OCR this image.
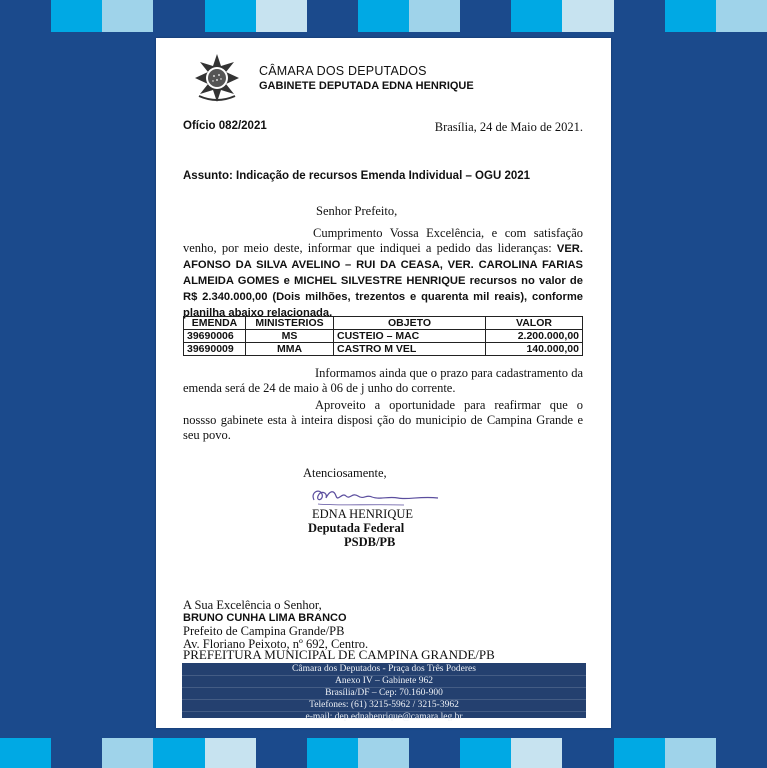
CÂMARA DOS DEPUTADOS
GABINETE DEPUTADA EDNA HENRIQUE
Ofício 082/2021	Brasília, 24 de Maio de 2021.
Assunto: Indicação de recursos Emenda Individual – OGU 2021
Senhor Prefeito,
Cumprimento Vossa Excelência, e com satisfação venho, por meio deste, informar que indiquei a pedido das lideranças: VER. AFONSO DA SILVA AVELINO – RUI DA CEASA, VER. CAROLINA FARIAS ALMEIDA GOMES e MICHEL SILVESTRE HENRIQUE recursos no valor de R$ 2.340.000,00 (Dois milhões, trezentos e quarenta mil reais), conforme planilha abaixo relacionada.
EMENDA	MINISTERIOS	OBJETO	VALOR
39690006	MS	CUSTEIO – MAC	2.200.000,00
39690009	MMA	CASTRO M VEL	140.000,00
Informamos ainda que o prazo para cadastramento da emenda será de 24 de maio à 06 de j unho do corrente.
Aproveito a oportunidade para reafirmar que o nossso gabinete esta à inteira disposi ção do municipio de Campina Grande e seu povo.
Atenciosamente,
EDNA HENRIQUE
Deputada Federal
PSDB/PB
A Sua Excelência o Senhor,
BRUNO CUNHA LIMA BRANCO
Prefeito de Campina Grande/PB
Av. Floriano Peixoto, nº 692, Centro.
PREFEITURA MUNICIPAL DE CAMPINA GRANDE/PB
Câmara dos Deputados - Praça dos Três Poderes
Anexo IV – Gabinete 962
Brasília/DF – Cep: 70.160-900
Telefones: (61) 3215-5962 / 3215-3962
e-mail: dep.ednahenrique@camara.leg.br
